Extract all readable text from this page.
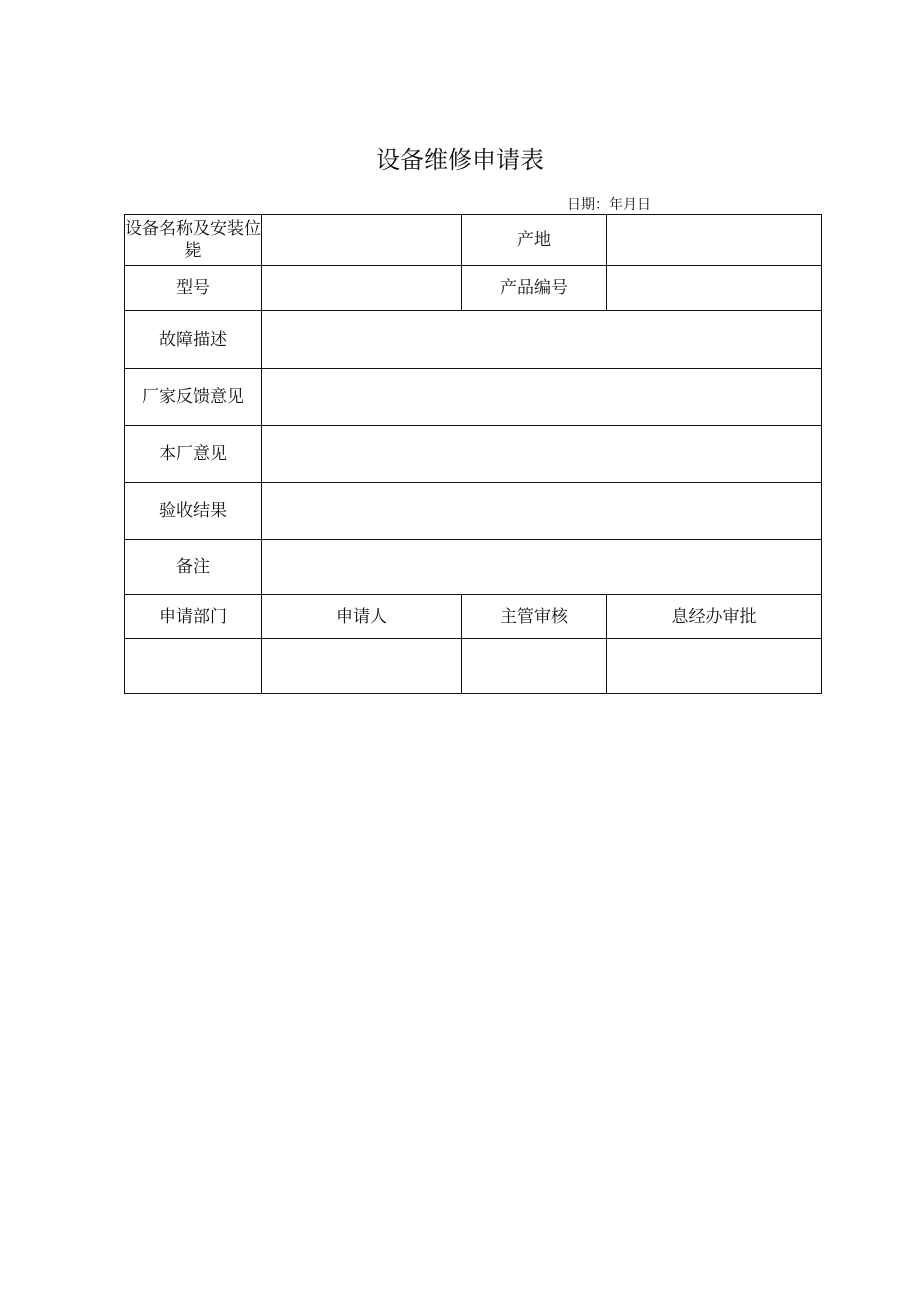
设备维修申请表
日期：年月日
设备名称及安装位毙		产地	
型号		产品编号	
故障描述			
厂家反馈意见			
本厂意见			
验收结果			
备注			
申请部门	申请人	主管审核	息经办审批
